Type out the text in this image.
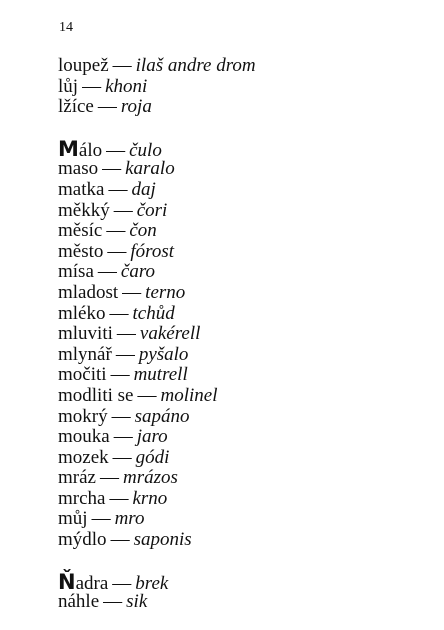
14
loupež — ilaš andre drom
lůj — khoni
lžíce — roja
Málo — čulo
maso — karalo
matka — daj
měkký — čori
měsíc — čon
město — fórost
mísa — čaro
mladost — terno
mléko — tchůd
mluviti — vakérell
mlynář — pyšalo
močiti — mutrell
modliti se — molinel
mokrý — sapáno
mouka — jaro
mozek — gódi
mráz — mrázos
mrcha — krno
můj — mro
mýdlo — saponis
Ňadra — brek
náhle — sik
